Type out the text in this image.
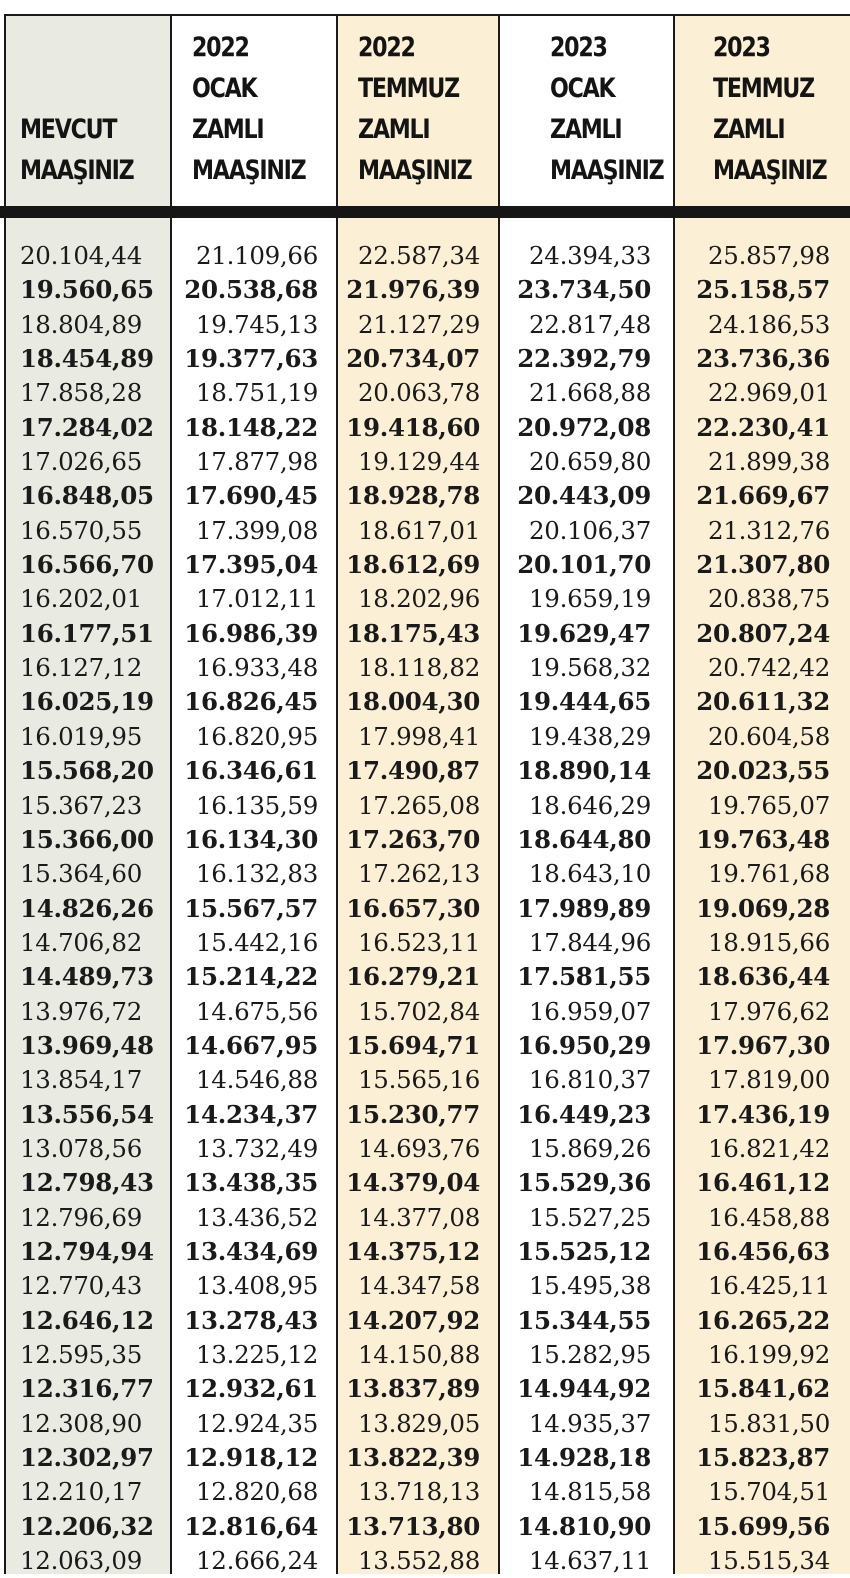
MEVCUT
MAAŞINIZ
20.104,44
19.560,65
18.804,89
18.454,89
17.858,28
17.284,02
17.026,65
16.848,05
16.570,55
16.566,70
16.202,01
16.177,51
16.127,12
16.025,19
16.019,95
15.568,20
15.367,23
15.366,00
15.364,60
14.826,26
14.706,82
14.489,73
13.976,72
13.969,48
13.854,17
13.556,54
13.078,56
12.798,43
12.796,69
12.794,94
12.770,43
12.646,12
12.595,35
12.316,77
12.308,90
12.302,97
12.210,17
12.206,32
12.063,09
2022
OCAK
ZAMLI
MAAŞINIZ
21.109,66
20.538,68
19.745,13
19.377,63
18.751,19
18.148,22
17.877,98
17.690,45
17.399,08
17.395,04
17.012,11
16.986,39
16.933,48
16.826,45
16.820,95
16.346,61
16.135,59
16.134,30
16.132,83
15.567,57
15.442,16
15.214,22
14.675,56
14.667,95
14.546,88
14.234,37
13.732,49
13.438,35
13.436,52
13.434,69
13.408,95
13.278,43
13.225,12
12.932,61
12.924,35
12.918,12
12.820,68
12.816,64
12.666,24
2022
TEMMUZ
ZAMLI
MAAŞINIZ
22.587,34
21.976,39
21.127,29
20.734,07
20.063,78
19.418,60
19.129,44
18.928,78
18.617,01
18.612,69
18.202,96
18.175,43
18.118,82
18.004,30
17.998,41
17.490,87
17.265,08
17.263,70
17.262,13
16.657,30
16.523,11
16.279,21
15.702,84
15.694,71
15.565,16
15.230,77
14.693,76
14.379,04
14.377,08
14.375,12
14.347,58
14.207,92
14.150,88
13.837,89
13.829,05
13.822,39
13.718,13
13.713,80
13.552,88
2023
OCAK
ZAMLI
MAAŞINIZ
24.394,33
23.734,50
22.817,48
22.392,79
21.668,88
20.972,08
20.659,80
20.443,09
20.106,37
20.101,70
19.659,19
19.629,47
19.568,32
19.444,65
19.438,29
18.890,14
18.646,29
18.644,80
18.643,10
17.989,89
17.844,96
17.581,55
16.959,07
16.950,29
16.810,37
16.449,23
15.869,26
15.529,36
15.527,25
15.525,12
15.495,38
15.344,55
15.282,95
14.944,92
14.935,37
14.928,18
14.815,58
14.810,90
14.637,11
2023
TEMMUZ
ZAMLI
MAAŞINIZ
25.857,98
25.158,57
24.186,53
23.736,36
22.969,01
22.230,41
21.899,38
21.669,67
21.312,76
21.307,80
20.838,75
20.807,24
20.742,42
20.611,32
20.604,58
20.023,55
19.765,07
19.763,48
19.761,68
19.069,28
18.915,66
18.636,44
17.976,62
17.967,30
17.819,00
17.436,19
16.821,42
16.461,12
16.458,88
16.456,63
16.425,11
16.265,22
16.199,92
15.841,62
15.831,50
15.823,87
15.704,51
15.699,56
15.515,34
